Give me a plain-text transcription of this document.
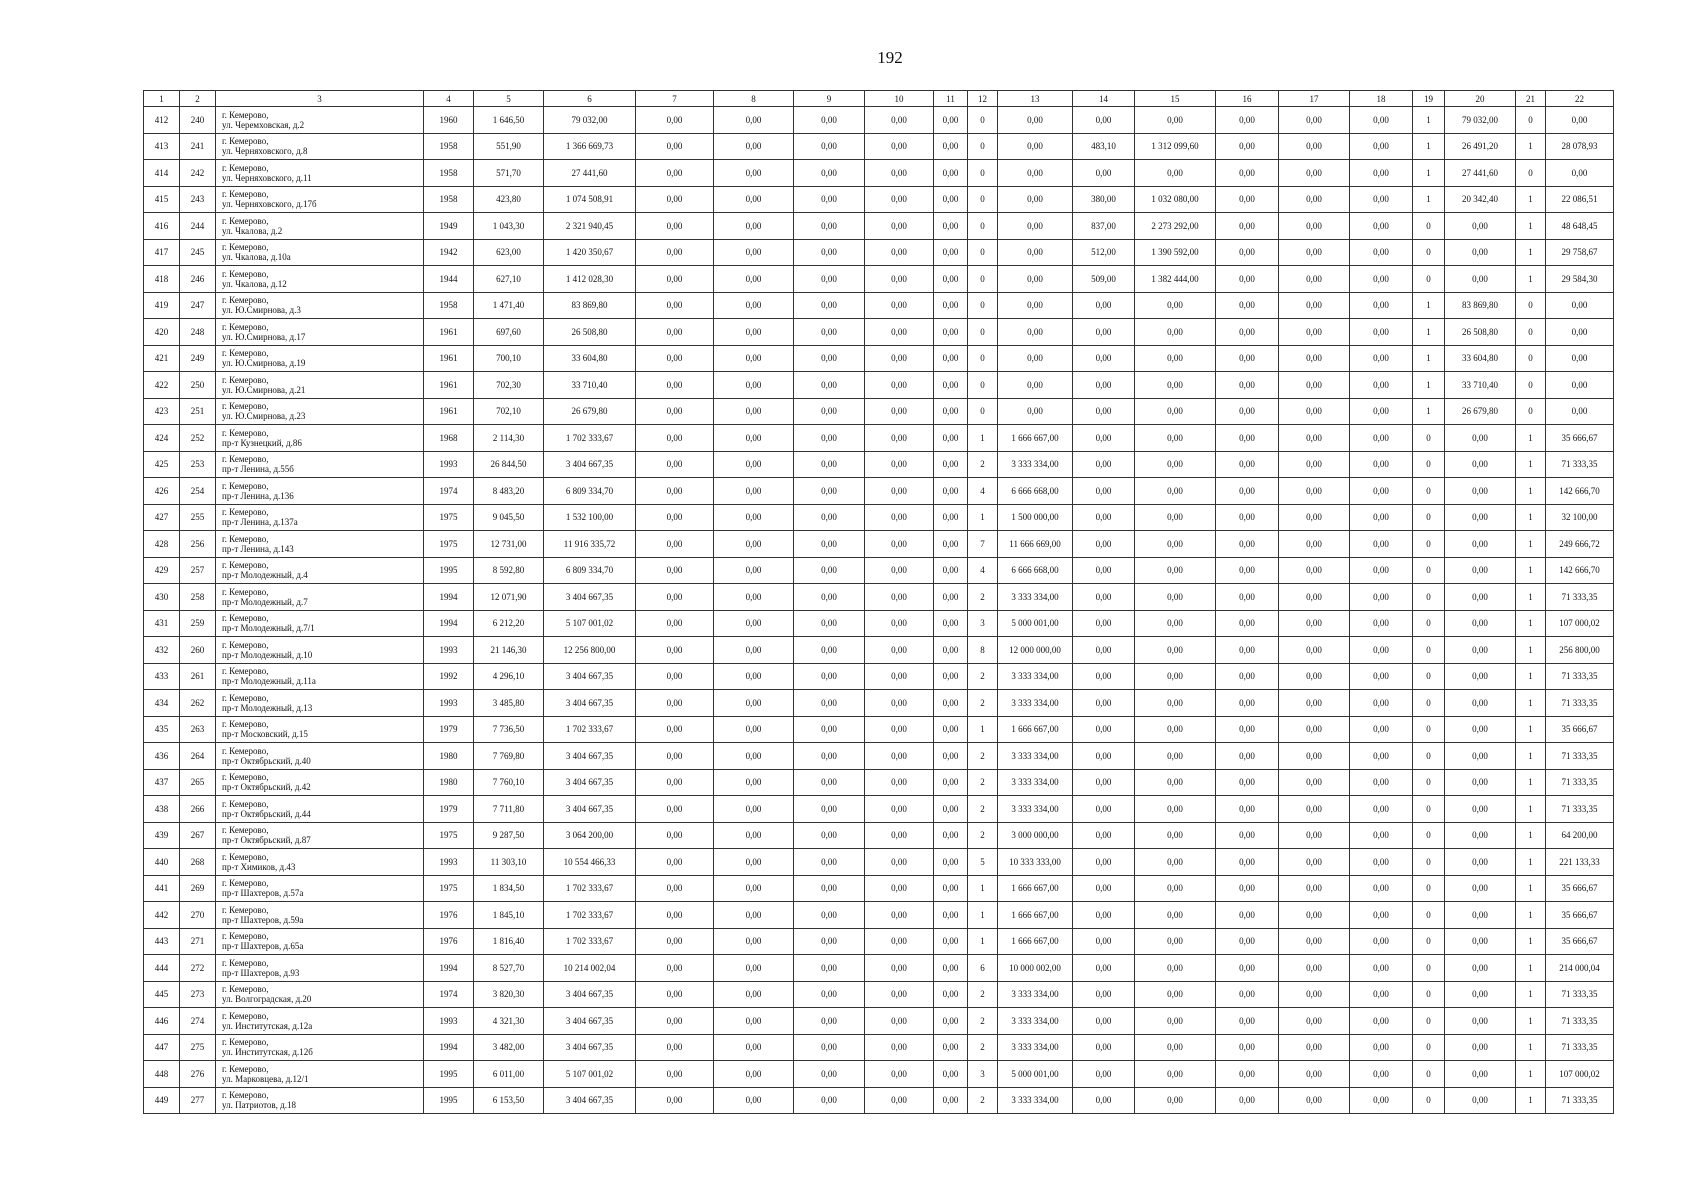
192
1	2	3	4	5	6	7	8	9	10	11	12	13	14	15	16	17	18	19	20	21	22
412	240	г. Кемерово,
ул. Черемховская, д.2	1960	1 646,50	79 032,00	0,00	0,00	0,00	0,00	0,00	0	0,00	0,00	0,00	0,00	0,00	0,00	1	79 032,00	0	0,00
413	241	г. Кемерово,
ул. Черняховского, д.8	1958	551,90	1 366 669,73	0,00	0,00	0,00	0,00	0,00	0	0,00	483,10	1 312 099,60	0,00	0,00	0,00	1	26 491,20	1	28 078,93
414	242	г. Кемерово,
ул. Черняховского, д.11	1958	571,70	27 441,60	0,00	0,00	0,00	0,00	0,00	0	0,00	0,00	0,00	0,00	0,00	0,00	1	27 441,60	0	0,00
415	243	г. Кемерово,
ул. Черняховского, д.17б	1958	423,80	1 074 508,91	0,00	0,00	0,00	0,00	0,00	0	0,00	380,00	1 032 080,00	0,00	0,00	0,00	1	20 342,40	1	22 086,51
416	244	г. Кемерово,
ул. Чкалова, д.2	1949	1 043,30	2 321 940,45	0,00	0,00	0,00	0,00	0,00	0	0,00	837,00	2 273 292,00	0,00	0,00	0,00	0	0,00	1	48 648,45
417	245	г. Кемерово,
ул. Чкалова, д.10а	1942	623,00	1 420 350,67	0,00	0,00	0,00	0,00	0,00	0	0,00	512,00	1 390 592,00	0,00	0,00	0,00	0	0,00	1	29 758,67
418	246	г. Кемерово,
ул. Чкалова, д.12	1944	627,10	1 412 028,30	0,00	0,00	0,00	0,00	0,00	0	0,00	509,00	1 382 444,00	0,00	0,00	0,00	0	0,00	1	29 584,30
419	247	г. Кемерово,
ул. Ю.Смирнова, д.3	1958	1 471,40	83 869,80	0,00	0,00	0,00	0,00	0,00	0	0,00	0,00	0,00	0,00	0,00	0,00	1	83 869,80	0	0,00
420	248	г. Кемерово,
ул. Ю.Смирнова, д.17	1961	697,60	26 508,80	0,00	0,00	0,00	0,00	0,00	0	0,00	0,00	0,00	0,00	0,00	0,00	1	26 508,80	0	0,00
421	249	г. Кемерово,
ул. Ю.Смирнова, д.19	1961	700,10	33 604,80	0,00	0,00	0,00	0,00	0,00	0	0,00	0,00	0,00	0,00	0,00	0,00	1	33 604,80	0	0,00
422	250	г. Кемерово,
ул. Ю.Смирнова, д.21	1961	702,30	33 710,40	0,00	0,00	0,00	0,00	0,00	0	0,00	0,00	0,00	0,00	0,00	0,00	1	33 710,40	0	0,00
423	251	г. Кемерово,
ул. Ю.Смирнова, д.23	1961	702,10	26 679,80	0,00	0,00	0,00	0,00	0,00	0	0,00	0,00	0,00	0,00	0,00	0,00	1	26 679,80	0	0,00
424	252	г. Кемерово,
пр-т Кузнецкий, д.86	1968	2 114,30	1 702 333,67	0,00	0,00	0,00	0,00	0,00	1	1 666 667,00	0,00	0,00	0,00	0,00	0,00	0	0,00	1	35 666,67
425	253	г. Кемерово,
пр-т Ленина, д.55б	1993	26 844,50	3 404 667,35	0,00	0,00	0,00	0,00	0,00	2	3 333 334,00	0,00	0,00	0,00	0,00	0,00	0	0,00	1	71 333,35
426	254	г. Кемерово,
пр-т Ленина, д.136	1974	8 483,20	6 809 334,70	0,00	0,00	0,00	0,00	0,00	4	6 666 668,00	0,00	0,00	0,00	0,00	0,00	0	0,00	1	142 666,70
427	255	г. Кемерово,
пр-т Ленина, д.137а	1975	9 045,50	1 532 100,00	0,00	0,00	0,00	0,00	0,00	1	1 500 000,00	0,00	0,00	0,00	0,00	0,00	0	0,00	1	32 100,00
428	256	г. Кемерово,
пр-т Ленина, д.143	1975	12 731,00	11 916 335,72	0,00	0,00	0,00	0,00	0,00	7	11 666 669,00	0,00	0,00	0,00	0,00	0,00	0	0,00	1	249 666,72
429	257	г. Кемерово,
пр-т Молодежный, д.4	1995	8 592,80	6 809 334,70	0,00	0,00	0,00	0,00	0,00	4	6 666 668,00	0,00	0,00	0,00	0,00	0,00	0	0,00	1	142 666,70
430	258	г. Кемерово,
пр-т Молодежный, д.7	1994	12 071,90	3 404 667,35	0,00	0,00	0,00	0,00	0,00	2	3 333 334,00	0,00	0,00	0,00	0,00	0,00	0	0,00	1	71 333,35
431	259	г. Кемерово,
пр-т Молодежный, д.7/1	1994	6 212,20	5 107 001,02	0,00	0,00	0,00	0,00	0,00	3	5 000 001,00	0,00	0,00	0,00	0,00	0,00	0	0,00	1	107 000,02
432	260	г. Кемерово,
пр-т Молодежный, д.10	1993	21 146,30	12 256 800,00	0,00	0,00	0,00	0,00	0,00	8	12 000 000,00	0,00	0,00	0,00	0,00	0,00	0	0,00	1	256 800,00
433	261	г. Кемерово,
пр-т Молодежный, д.11а	1992	4 296,10	3 404 667,35	0,00	0,00	0,00	0,00	0,00	2	3 333 334,00	0,00	0,00	0,00	0,00	0,00	0	0,00	1	71 333,35
434	262	г. Кемерово,
пр-т Молодежный, д.13	1993	3 485,80	3 404 667,35	0,00	0,00	0,00	0,00	0,00	2	3 333 334,00	0,00	0,00	0,00	0,00	0,00	0	0,00	1	71 333,35
435	263	г. Кемерово,
пр-т Московский, д.15	1979	7 736,50	1 702 333,67	0,00	0,00	0,00	0,00	0,00	1	1 666 667,00	0,00	0,00	0,00	0,00	0,00	0	0,00	1	35 666,67
436	264	г. Кемерово,
пр-т Октябрьский, д.40	1980	7 769,80	3 404 667,35	0,00	0,00	0,00	0,00	0,00	2	3 333 334,00	0,00	0,00	0,00	0,00	0,00	0	0,00	1	71 333,35
437	265	г. Кемерово,
пр-т Октябрьский, д.42	1980	7 760,10	3 404 667,35	0,00	0,00	0,00	0,00	0,00	2	3 333 334,00	0,00	0,00	0,00	0,00	0,00	0	0,00	1	71 333,35
438	266	г. Кемерово,
пр-т Октябрьский, д.44	1979	7 711,80	3 404 667,35	0,00	0,00	0,00	0,00	0,00	2	3 333 334,00	0,00	0,00	0,00	0,00	0,00	0	0,00	1	71 333,35
439	267	г. Кемерово,
пр-т Октябрьский, д.87	1975	9 287,50	3 064 200,00	0,00	0,00	0,00	0,00	0,00	2	3 000 000,00	0,00	0,00	0,00	0,00	0,00	0	0,00	1	64 200,00
440	268	г. Кемерово,
пр-т Химиков, д.43	1993	11 303,10	10 554 466,33	0,00	0,00	0,00	0,00	0,00	5	10 333 333,00	0,00	0,00	0,00	0,00	0,00	0	0,00	1	221 133,33
441	269	г. Кемерово,
пр-т Шахтеров, д.57а	1975	1 834,50	1 702 333,67	0,00	0,00	0,00	0,00	0,00	1	1 666 667,00	0,00	0,00	0,00	0,00	0,00	0	0,00	1	35 666,67
442	270	г. Кемерово,
пр-т Шахтеров, д.59а	1976	1 845,10	1 702 333,67	0,00	0,00	0,00	0,00	0,00	1	1 666 667,00	0,00	0,00	0,00	0,00	0,00	0	0,00	1	35 666,67
443	271	г. Кемерово,
пр-т Шахтеров, д.65а	1976	1 816,40	1 702 333,67	0,00	0,00	0,00	0,00	0,00	1	1 666 667,00	0,00	0,00	0,00	0,00	0,00	0	0,00	1	35 666,67
444	272	г. Кемерово,
пр-т Шахтеров, д.93	1994	8 527,70	10 214 002,04	0,00	0,00	0,00	0,00	0,00	6	10 000 002,00	0,00	0,00	0,00	0,00	0,00	0	0,00	1	214 000,04
445	273	г. Кемерово,
ул. Волгоградская, д.20	1974	3 820,30	3 404 667,35	0,00	0,00	0,00	0,00	0,00	2	3 333 334,00	0,00	0,00	0,00	0,00	0,00	0	0,00	1	71 333,35
446	274	г. Кемерово,
ул. Институтская, д.12а	1993	4 321,30	3 404 667,35	0,00	0,00	0,00	0,00	0,00	2	3 333 334,00	0,00	0,00	0,00	0,00	0,00	0	0,00	1	71 333,35
447	275	г. Кемерово,
ул. Институтская, д.12б	1994	3 482,00	3 404 667,35	0,00	0,00	0,00	0,00	0,00	2	3 333 334,00	0,00	0,00	0,00	0,00	0,00	0	0,00	1	71 333,35
448	276	г. Кемерово,
ул. Марковцева, д.12/1	1995	6 011,00	5 107 001,02	0,00	0,00	0,00	0,00	0,00	3	5 000 001,00	0,00	0,00	0,00	0,00	0,00	0	0,00	1	107 000,02
449	277	г. Кемерово,
ул. Патриотов, д.18	1995	6 153,50	3 404 667,35	0,00	0,00	0,00	0,00	0,00	2	3 333 334,00	0,00	0,00	0,00	0,00	0,00	0	0,00	1	71 333,35
